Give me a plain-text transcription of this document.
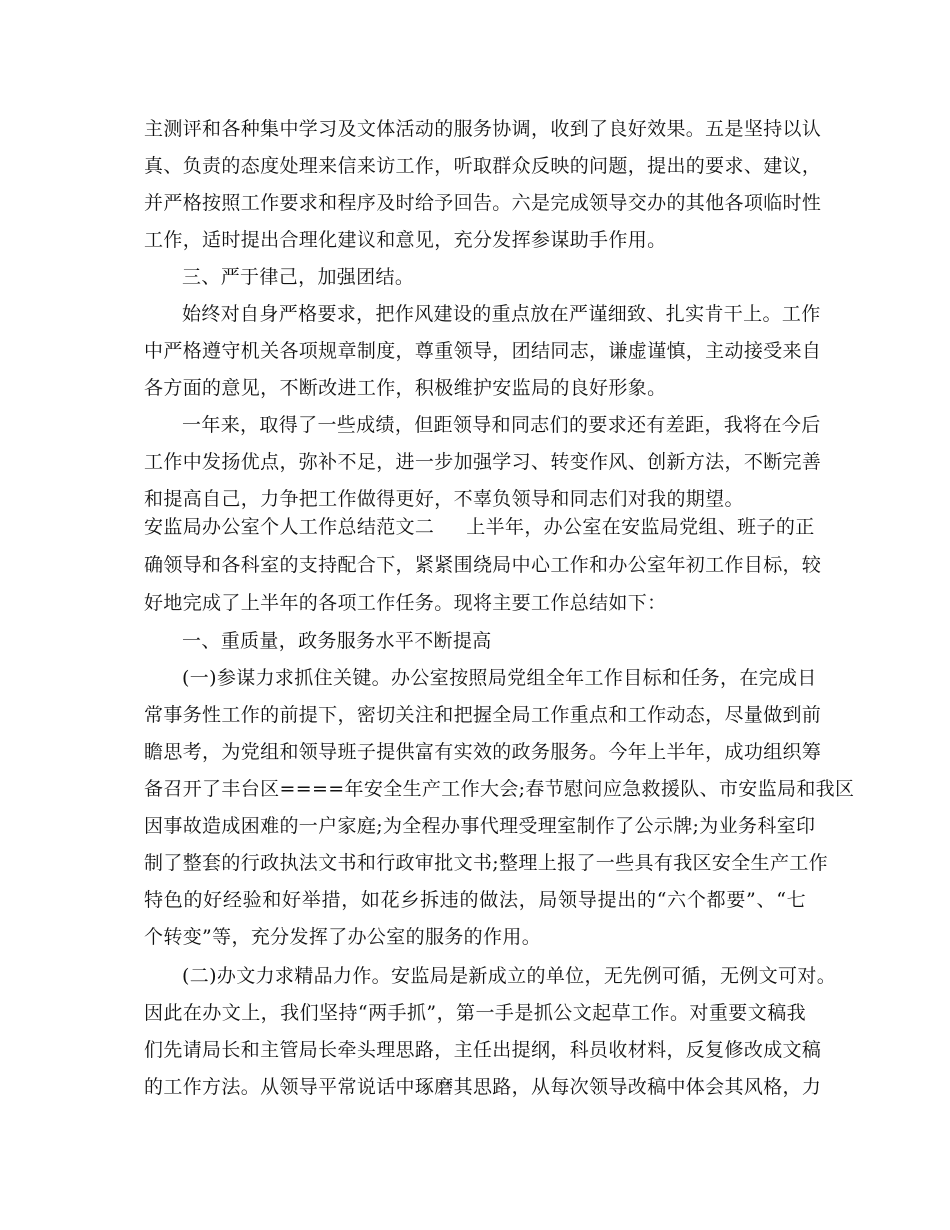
主测评和各种集中学习及文体活动的服务协调，收到了良好效果。五是坚持以认
真、负责的态度处理来信来访工作，听取群众反映的问题，提出的要求、建议，
并严格按照工作要求和程序及时给予回告。六是完成领导交办的其他各项临时性
工作，适时提出合理化建议和意见，充分发挥参谋助手作用。
三、严于律己，加强团结。
始终对自身严格要求，把作风建设的重点放在严谨细致、扎实肯干上。工作
中严格遵守机关各项规章制度，尊重领导，团结同志，谦虚谨慎，主动接受来自
各方面的意见，不断改进工作，积极维护安监局的良好形象。
一年来，取得了一些成绩，但距领导和同志们的要求还有差距，我将在今后
工作中发扬优点，弥补不足，进一步加强学习、转变作风、创新方法，不断完善
和提高自己，力争把工作做得更好，不辜负领导和同志们对我的期望。
安监局办公室个人工作总结范文二 上半年，办公室在安监局党组、班子的正
确领导和各科室的支持配合下，紧紧围绕局中心工作和办公室年初工作目标，较
好地完成了上半年的各项工作任务。现将主要工作总结如下：
一、重质量，政务服务水平不断提高
(一)参谋力求抓住关键。办公室按照局党组全年工作目标和任务，在完成日
常事务性工作的前提下，密切关注和把握全局工作重点和工作动态，尽量做到前
瞻思考，为党组和领导班子提供富有实效的政务服务。今年上半年，成功组织筹
备召开了丰台区====年安全生产工作大会;春节慰问应急救援队、市安监局和我区
因事故造成困难的一户家庭;为全程办事代理受理室制作了公示牌;为业务科室印
制了整套的行政执法文书和行政审批文书;整理上报了一些具有我区安全生产工作
特色的好经验和好举措，如花乡拆违的做法，局领导提出的“六个都要”、“七
个转变”等，充分发挥了办公室的服务的作用。
(二)办文力求精品力作。安监局是新成立的单位，无先例可循，无例文可对。
因此在办文上，我们坚持“两手抓”，第一手是抓公文起草工作。对重要文稿我
们先请局长和主管局长牵头理思路，主任出提纲，科员收材料，反复修改成文稿
的工作方法。从领导平常说话中琢磨其思路，从每次领导改稿中体会其风格，力
